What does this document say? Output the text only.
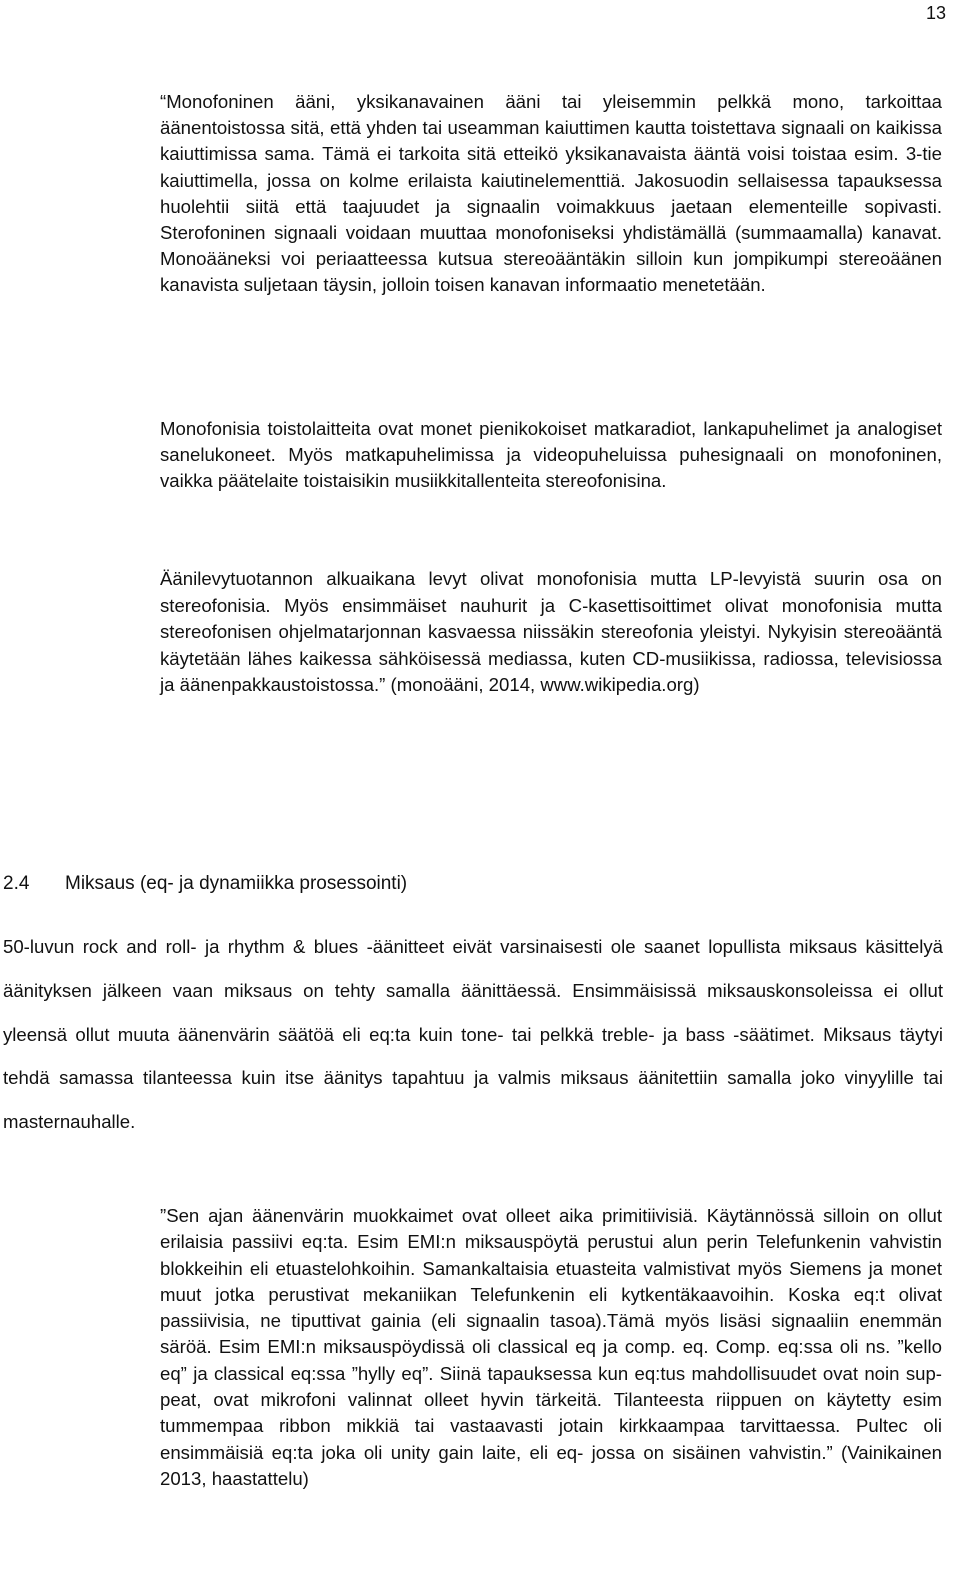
13

“Monofoninen ääni, yksikanavainen ääni tai yleisemmin pelkkä mono, tarkoittaa äänentoistossa sitä, että yhden tai useamman kaiuttimen kautta toistettava signaali on kaikissa kaiuttimissa sama. Tämä ei tarkoita sitä etteikö yksikanavaista ääntä voisi toistaa esim. 3-tie kaiuttimella, jossa on kolme erilaista kaiutinelementtiä. Jakosuodin sellaisessa tapauksessa huolehtii siitä että taajuudet ja signaalin voimakkuus jaetaan elementeille sopivasti. Sterofoninen signaali voidaan muuttaa monofoniseksi yhdistämällä (summaamalla) kanavat. Monoääneksi voi periaatteessa kutsua stereoääntäkin silloin kun jompikumpi stereoäänen kanavista suljetaan täysin, jolloin toisen kanavan informaatio menetetään.

Monofonisia toistolaitteita ovat monet pienikokoiset matkaradiot, lankapuhelimet ja analogiset sanelukoneet. Myös matkapuhelimissa ja videopuheluissa puhesignaali on monofoninen, vaikka päätelaite toistaisikin musiikkitallenteita stereofonisina.

Äänilevytuotannon alkuaikana levyt olivat monofonisia mutta LP-levyistä suurin osa on stereofonisia. Myös ensimmäiset nauhurit ja C-kasettisoittimet olivat monofonisia mutta stereofonisen ohjelmatarjonnan kasvaessa niissäkin stereofonia yleistyi. Nykyisin stereoääntä käytetään lähes kaikessa sähköisessä mediassa, kuten CD-musiikissa, radiossa, televisiossa ja äänenpakkaustoistossa.” (monoääni, 2014, www.wikipedia.org)

2.4 Miksaus (eq- ja dynamiikka prosessointi)

50-luvun rock and roll- ja rhythm & blues -äänitteet eivät varsinaisesti ole saanet lopullista miksaus käsittelyä äänityksen jälkeen vaan miksaus on tehty samalla äänittäessä. Ensimmäisissä miksauskonsoleissa ei ollut yleensä ollut muuta äänenvärin säätöä eli eq:ta kuin tone- tai pelkkä treble- ja bass -säätimet. Miksaus täytyi tehdä samassa tilanteessa kuin itse äänitys tapahtuu ja valmis miksaus äänitettiin samalla joko vinyylille tai masternauhalle.

”Sen ajan äänenvärin muokkaimet ovat olleet aika primitiivisiä. Käytännössä silloin on ollut erilaisia passiivi eq:ta. Esim EMI:n miksauspöytä perustui alun perin Telefunkenin vahvistin blokkeihin eli etuastelohkoihin. Samankaltaisia etuasteita valmistivat myös Siemens ja monet muut jotka perustivat mekaniikan Telefunkenin eli kytkentäkaavoihin. Koska eq:t olivat passiivisia, ne tiputtivat gainia (eli signaalin tasoa).Tämä myös lisäsi signaaliin enemmän säröä. Esim EMI:n miksauspöydissä oli classical eq ja comp. eq. Comp. eq:ssa oli ns. ”kello eq” ja classical eq:ssa ”hylly eq”. Siinä tapauksessa kun eq:tus mahdollisuudet ovat noin suppeat, ovat mikrofoni valinnat olleet hyvin tärkeitä. Tilanteesta riippuen on käytetty esim tummempaa ribbon mikkiä tai vastaavasti jotain kirkkaampaa tarvittaessa. Pultec oli ensimmäisiä eq:ta joka oli unity gain laite, eli eq- jossa on sisäinen vahvistin.” (Vainikainen 2013, haastattelu)
